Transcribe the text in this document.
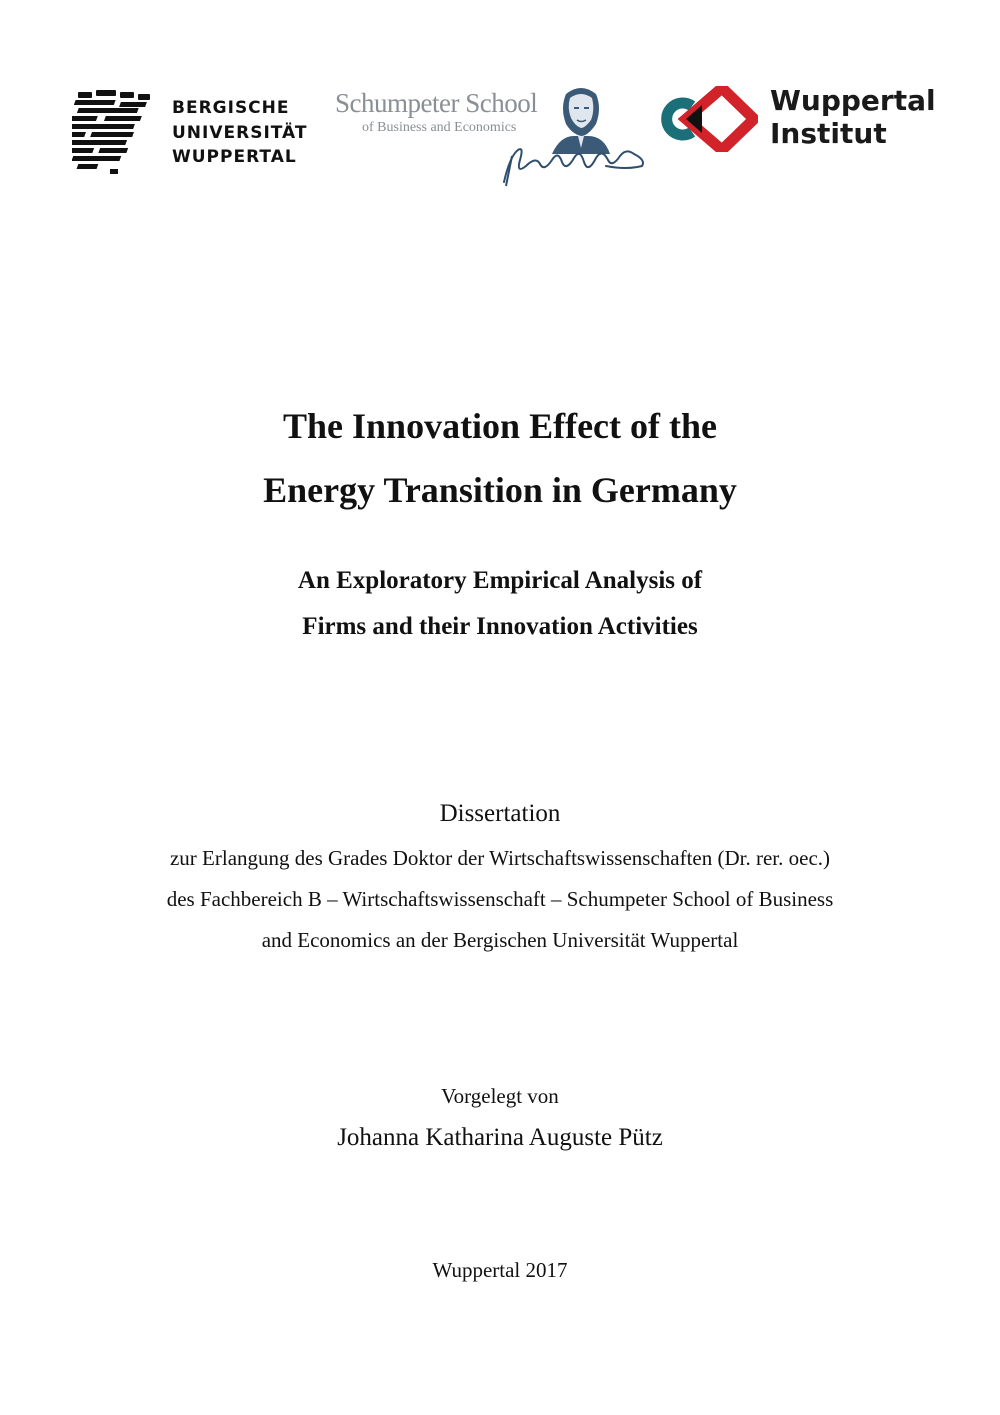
BERGISCHE
UNIVERSITÄT
WUPPERTAL
Schumpeter School
of Business and Economics
Wuppertal
Institut
The Innovation Effect of the
Energy Transition in Germany
An Exploratory Empirical Analysis of
Firms and their Innovation Activities
Dissertation
zur Erlangung des Grades Doktor der Wirtschaftswissenschaften (Dr. rer. oec.)
des Fachbereich B – Wirtschaftswissenschaft – Schumpeter School of Business
and Economics an der Bergischen Universität Wuppertal
Vorgelegt von
Johanna Katharina Auguste Pütz
Wuppertal 2017
